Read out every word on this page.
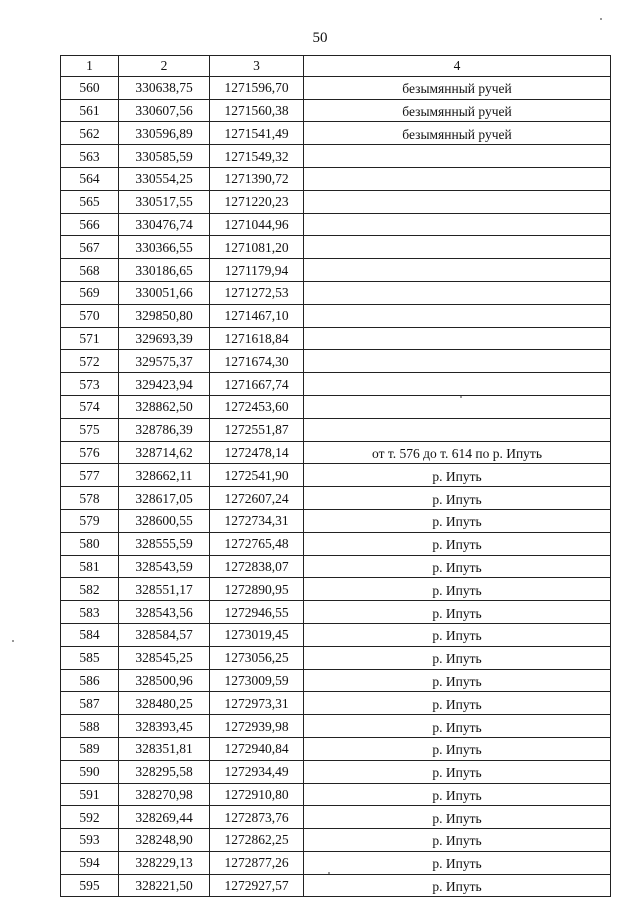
50
1	2	3	4
560	330638,75	1271596,70	безымянный ручей
561	330607,56	1271560,38	безымянный ручей
562	330596,89	1271541,49	безымянный ручей
563	330585,59	1271549,32	
564	330554,25	1271390,72	
565	330517,55	1271220,23	
566	330476,74	1271044,96	
567	330366,55	1271081,20	
568	330186,65	1271179,94	
569	330051,66	1271272,53	
570	329850,80	1271467,10	
571	329693,39	1271618,84	
572	329575,37	1271674,30	
573	329423,94	1271667,74	
574	328862,50	1272453,60	
575	328786,39	1272551,87	
576	328714,62	1272478,14	от т. 576 до т. 614 по р. Ипуть
577	328662,11	1272541,90	р. Ипуть
578	328617,05	1272607,24	р. Ипуть
579	328600,55	1272734,31	р. Ипуть
580	328555,59	1272765,48	р. Ипуть
581	328543,59	1272838,07	р. Ипуть
582	328551,17	1272890,95	р. Ипуть
583	328543,56	1272946,55	р. Ипуть
584	328584,57	1273019,45	р. Ипуть
585	328545,25	1273056,25	р. Ипуть
586	328500,96	1273009,59	р. Ипуть
587	328480,25	1272973,31	р. Ипуть
588	328393,45	1272939,98	р. Ипуть
589	328351,81	1272940,84	р. Ипуть
590	328295,58	1272934,49	р. Ипуть
591	328270,98	1272910,80	р. Ипуть
592	328269,44	1272873,76	р. Ипуть
593	328248,90	1272862,25	р. Ипуть
594	328229,13	1272877,26	р. Ипуть
595	328221,50	1272927,57	р. Ипуть
